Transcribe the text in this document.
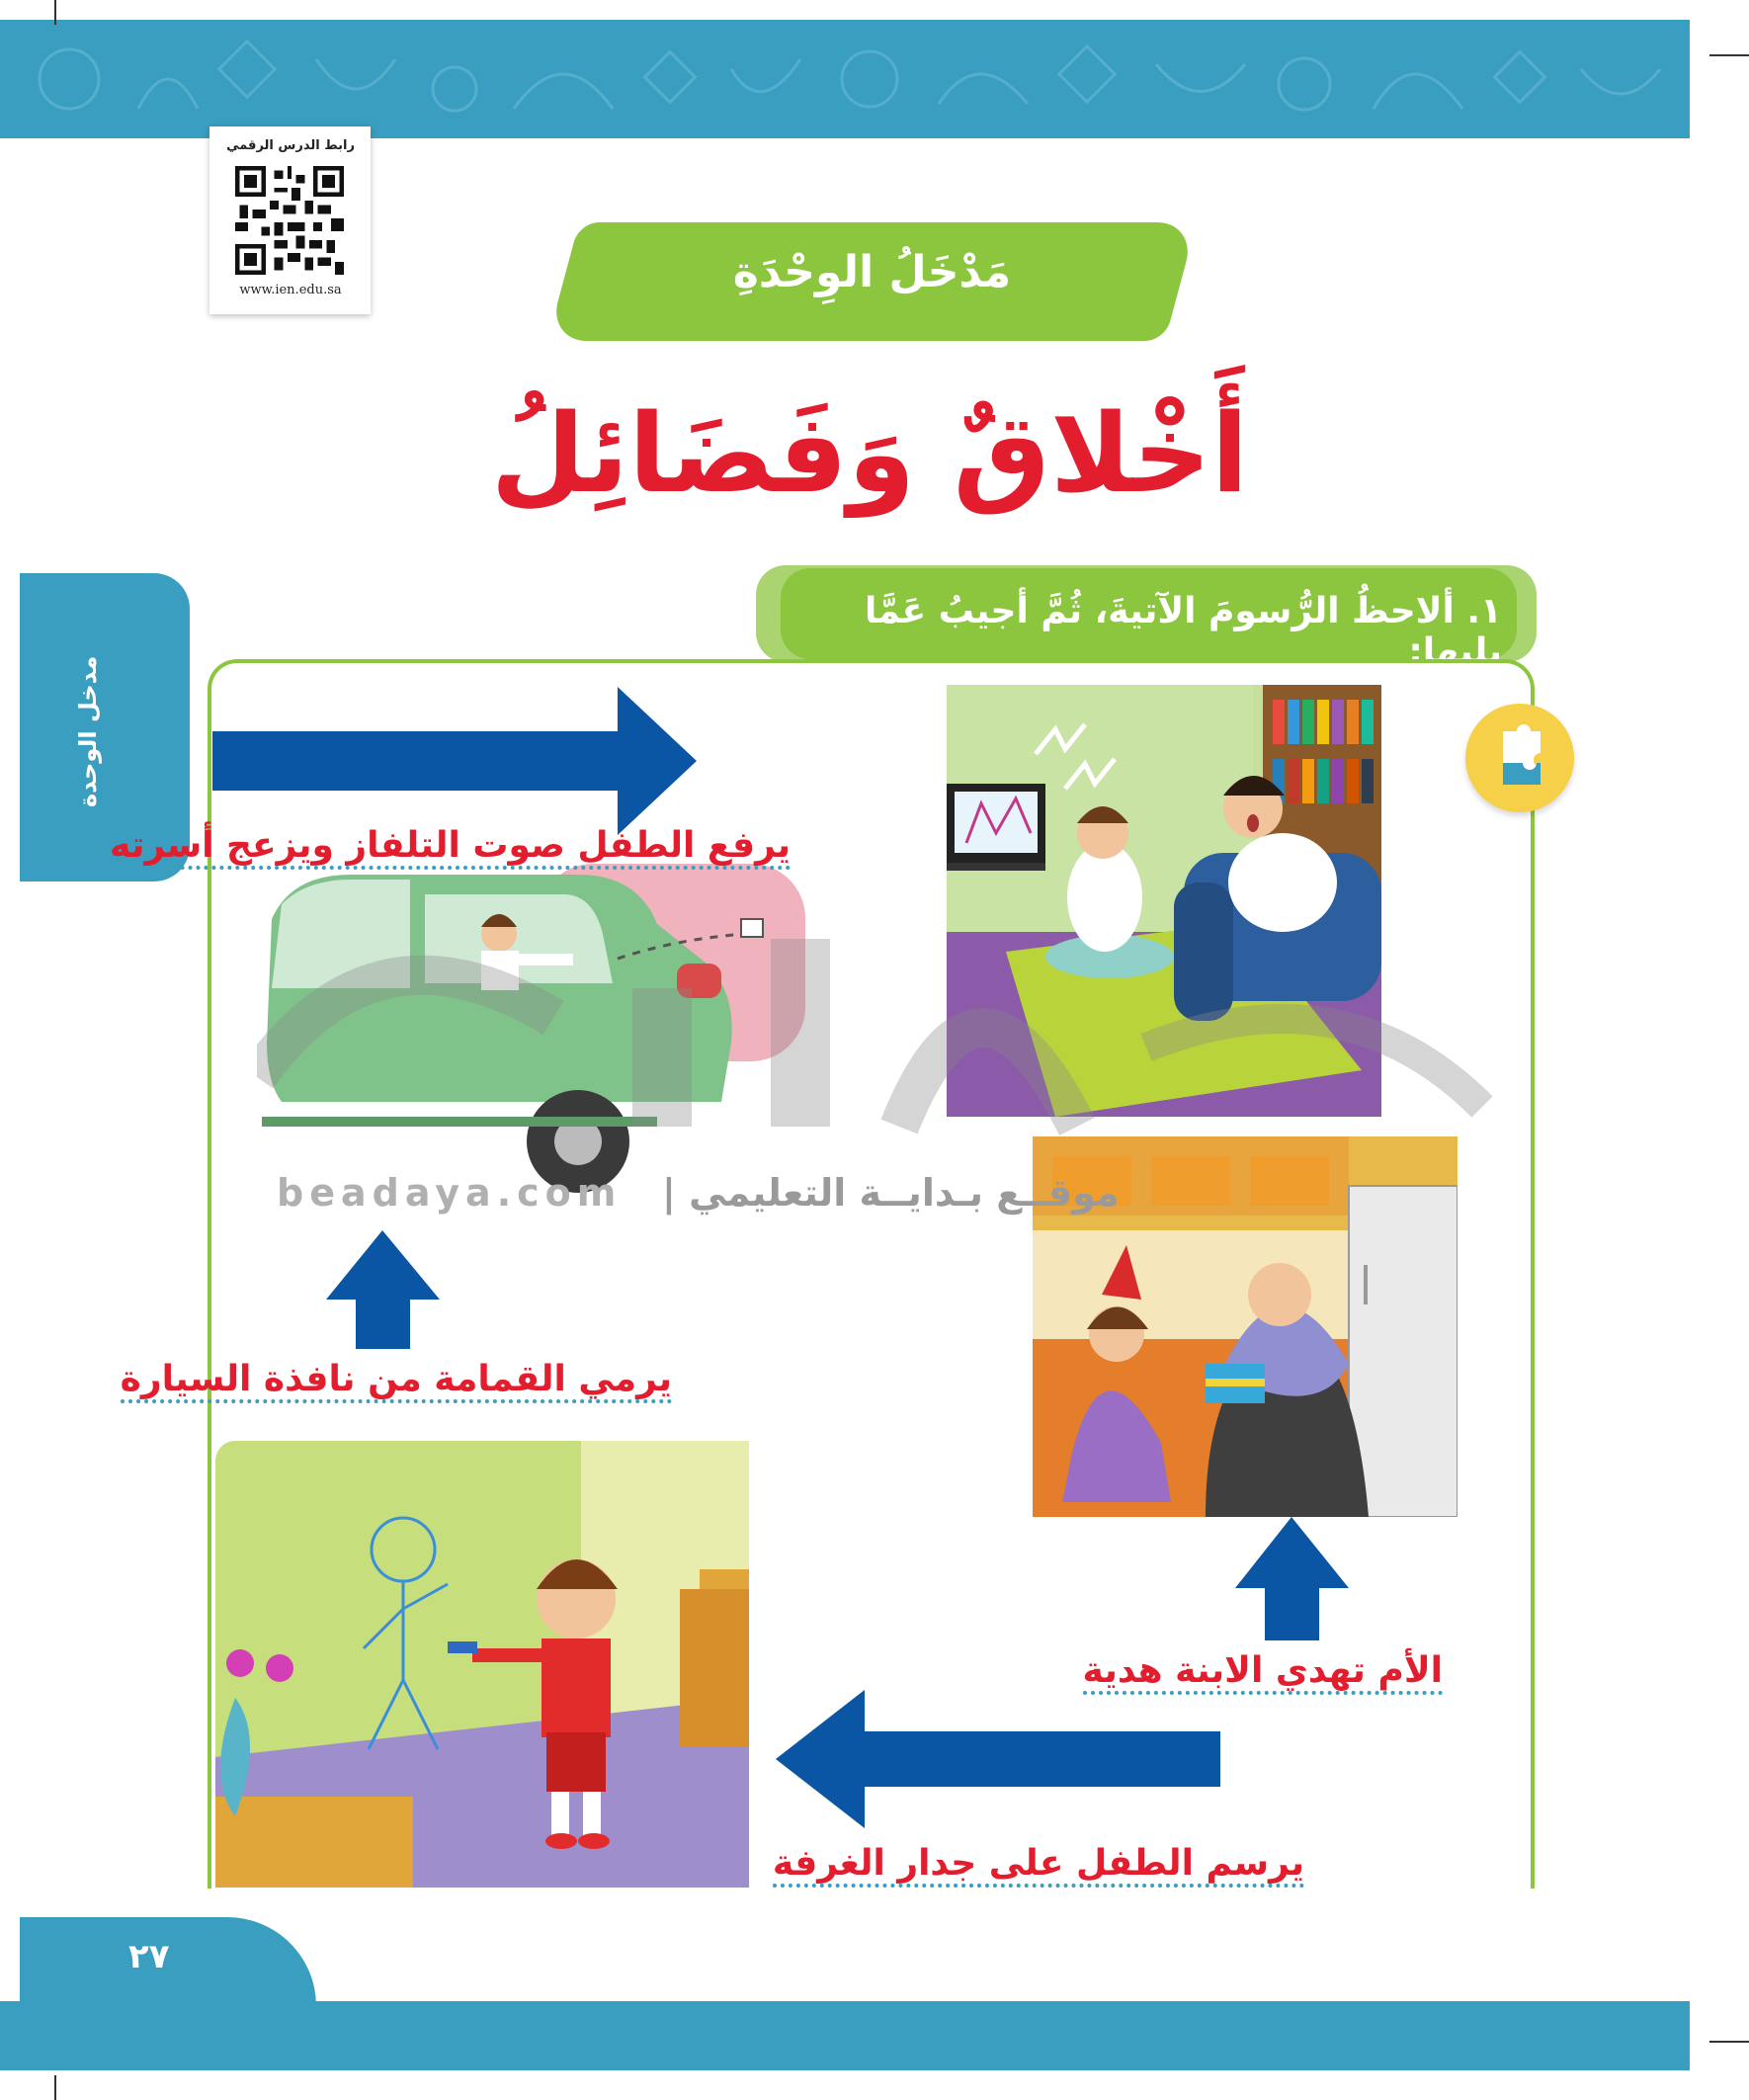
رابط الدرس الرقمي
www.ien.edu.sa	مَدْخَلُ الوِحْدَةِ
أَخْلاقٌ وَفَضَائِلُ
مدخل الوحدة
١. ألاحظُ الرُّسومَ الآتيةَ، ثُمَّ أجيبُ عَمَّا يليها:
يرفع الطفل صوت التلفاز ويزعج أسرته
يرمي القمامة من نافذة السيارة
الأم تهدي الابنة هدية
يرسم الطفل على جدار الغرفة
beadaya.com موقــع بـدايــة التعليمي |
٢٧
